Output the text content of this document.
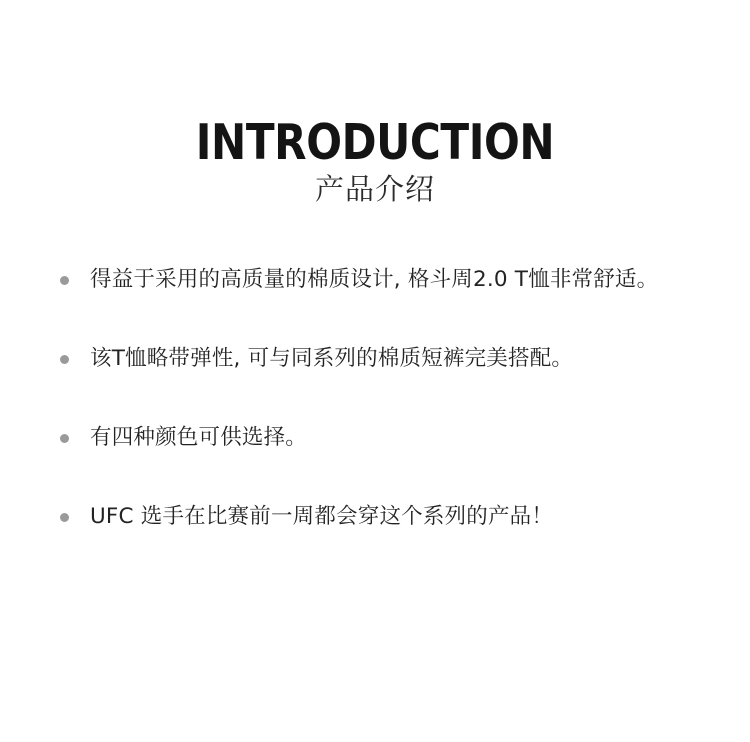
INTRODUCTION
产品介绍
得益于采用的高质量的棉质设计, 格斗周2.0 T恤非常舒适。
该T恤略带弹性, 可与同系列的棉质短裤完美搭配。
有四种颜色可供选择。
UFC 选手在比赛前一周都会穿这个系列的产品！
